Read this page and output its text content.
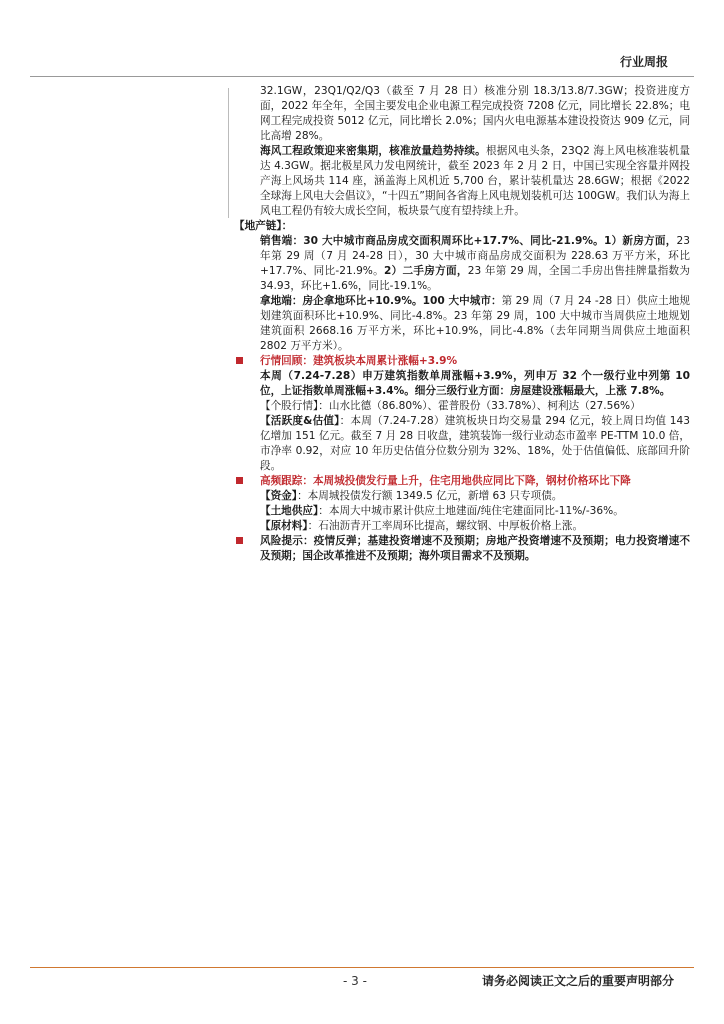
行业周报

32.1GW，23Q1/Q2/Q3（截至 7 月 28 日）核准分别 18.3/13.8/7.3GW；投资进度方面，2022 年全年，全国主要发电企业电源工程完成投资 7208 亿元，同比增长 22.8%；电网工程完成投资 5012 亿元，同比增长 2.0%；国内火电电源基本建设投资达 909 亿元，同比高增 28%。

海风工程政策迎来密集期，核准放量趋势持续。根据风电头条，23Q2 海上风电核准装机量达 4.3GW。据北极星风力发电网统计，截至 2023 年 2 月 2 日，中国已实现全容量并网投产海上风场共 114 座，涵盖海上风机近 5,700 台，累计装机量达 28.6GW；根据《2022 全球海上风电大会倡议》，“十四五”期间各省海上风电规划装机可达 100GW。我们认为海上风电工程仍有较大成长空间，板块景气度有望持续上升。

【地产链】：

销售端：30 大中城市商品房成交面积周环比+17.7%、同比-21.9%。1）新房方面，23 年第 29 周（7 月 24-28 日），30 大中城市商品房成交面积为 228.63 万平方米，环比+17.7%、同比-21.9%。2）二手房方面，23 年第 29 周，全国二手房出售挂牌量指数为 34.93，环比+1.6%，同比-19.1%。

拿地端：房企拿地环比+10.9%。100 大中城市：第 29 周（7 月 24 -28 日）供应土地规划建筑面积环比+10.9%、同比-4.8%。23 年第 29 周，100 大中城市当周供应土地规划建筑面积 2668.16 万平方米，环比+10.9%，同比-4.8%（去年同期当周供应土地面积 2802 万平方米）。

行情回顾：建筑板块本周累计涨幅+3.9%

本周（7.24-7.28）申万建筑指数单周涨幅+3.9%，列申万 32 个一级行业中列第 10 位，上证指数单周涨幅+3.4%。细分三级行业方面：房屋建设涨幅最大，上涨 7.8%。

【个股行情】：山水比德（86.80%）、霍普股份（33.78%）、柯利达（27.56%）

【活跃度&估值】：本周（7.24-7.28）建筑板块日均交易量 294 亿元，较上周日均值 143 亿增加 151 亿元。截至 7 月 28 日收盘，建筑装饰一级行业动态市盈率 PE-TTM 10.0 倍，市净率 0.92，对应 10 年历史估值分位数分别为 32%、18%，处于估值偏低、底部回升阶段。

高频跟踪：本周城投债发行量上升，住宅用地供应同比下降，钢材价格环比下降

【资金】：本周城投债发行额 1349.5 亿元，新增 63 只专项债。

【土地供应】：本周大中城市累计供应土地建面/纯住宅建面同比-11%/-36%。

【原材料】：石油沥青开工率周环比提高，螺纹钢、中厚板价格上涨。

风险提示：疫情反弹；基建投资增速不及预期；房地产投资增速不及预期；电力投资增速不及预期；国企改革推进不及预期；海外项目需求不及预期。

- 3 -	请务必阅读正文之后的重要声明部分
